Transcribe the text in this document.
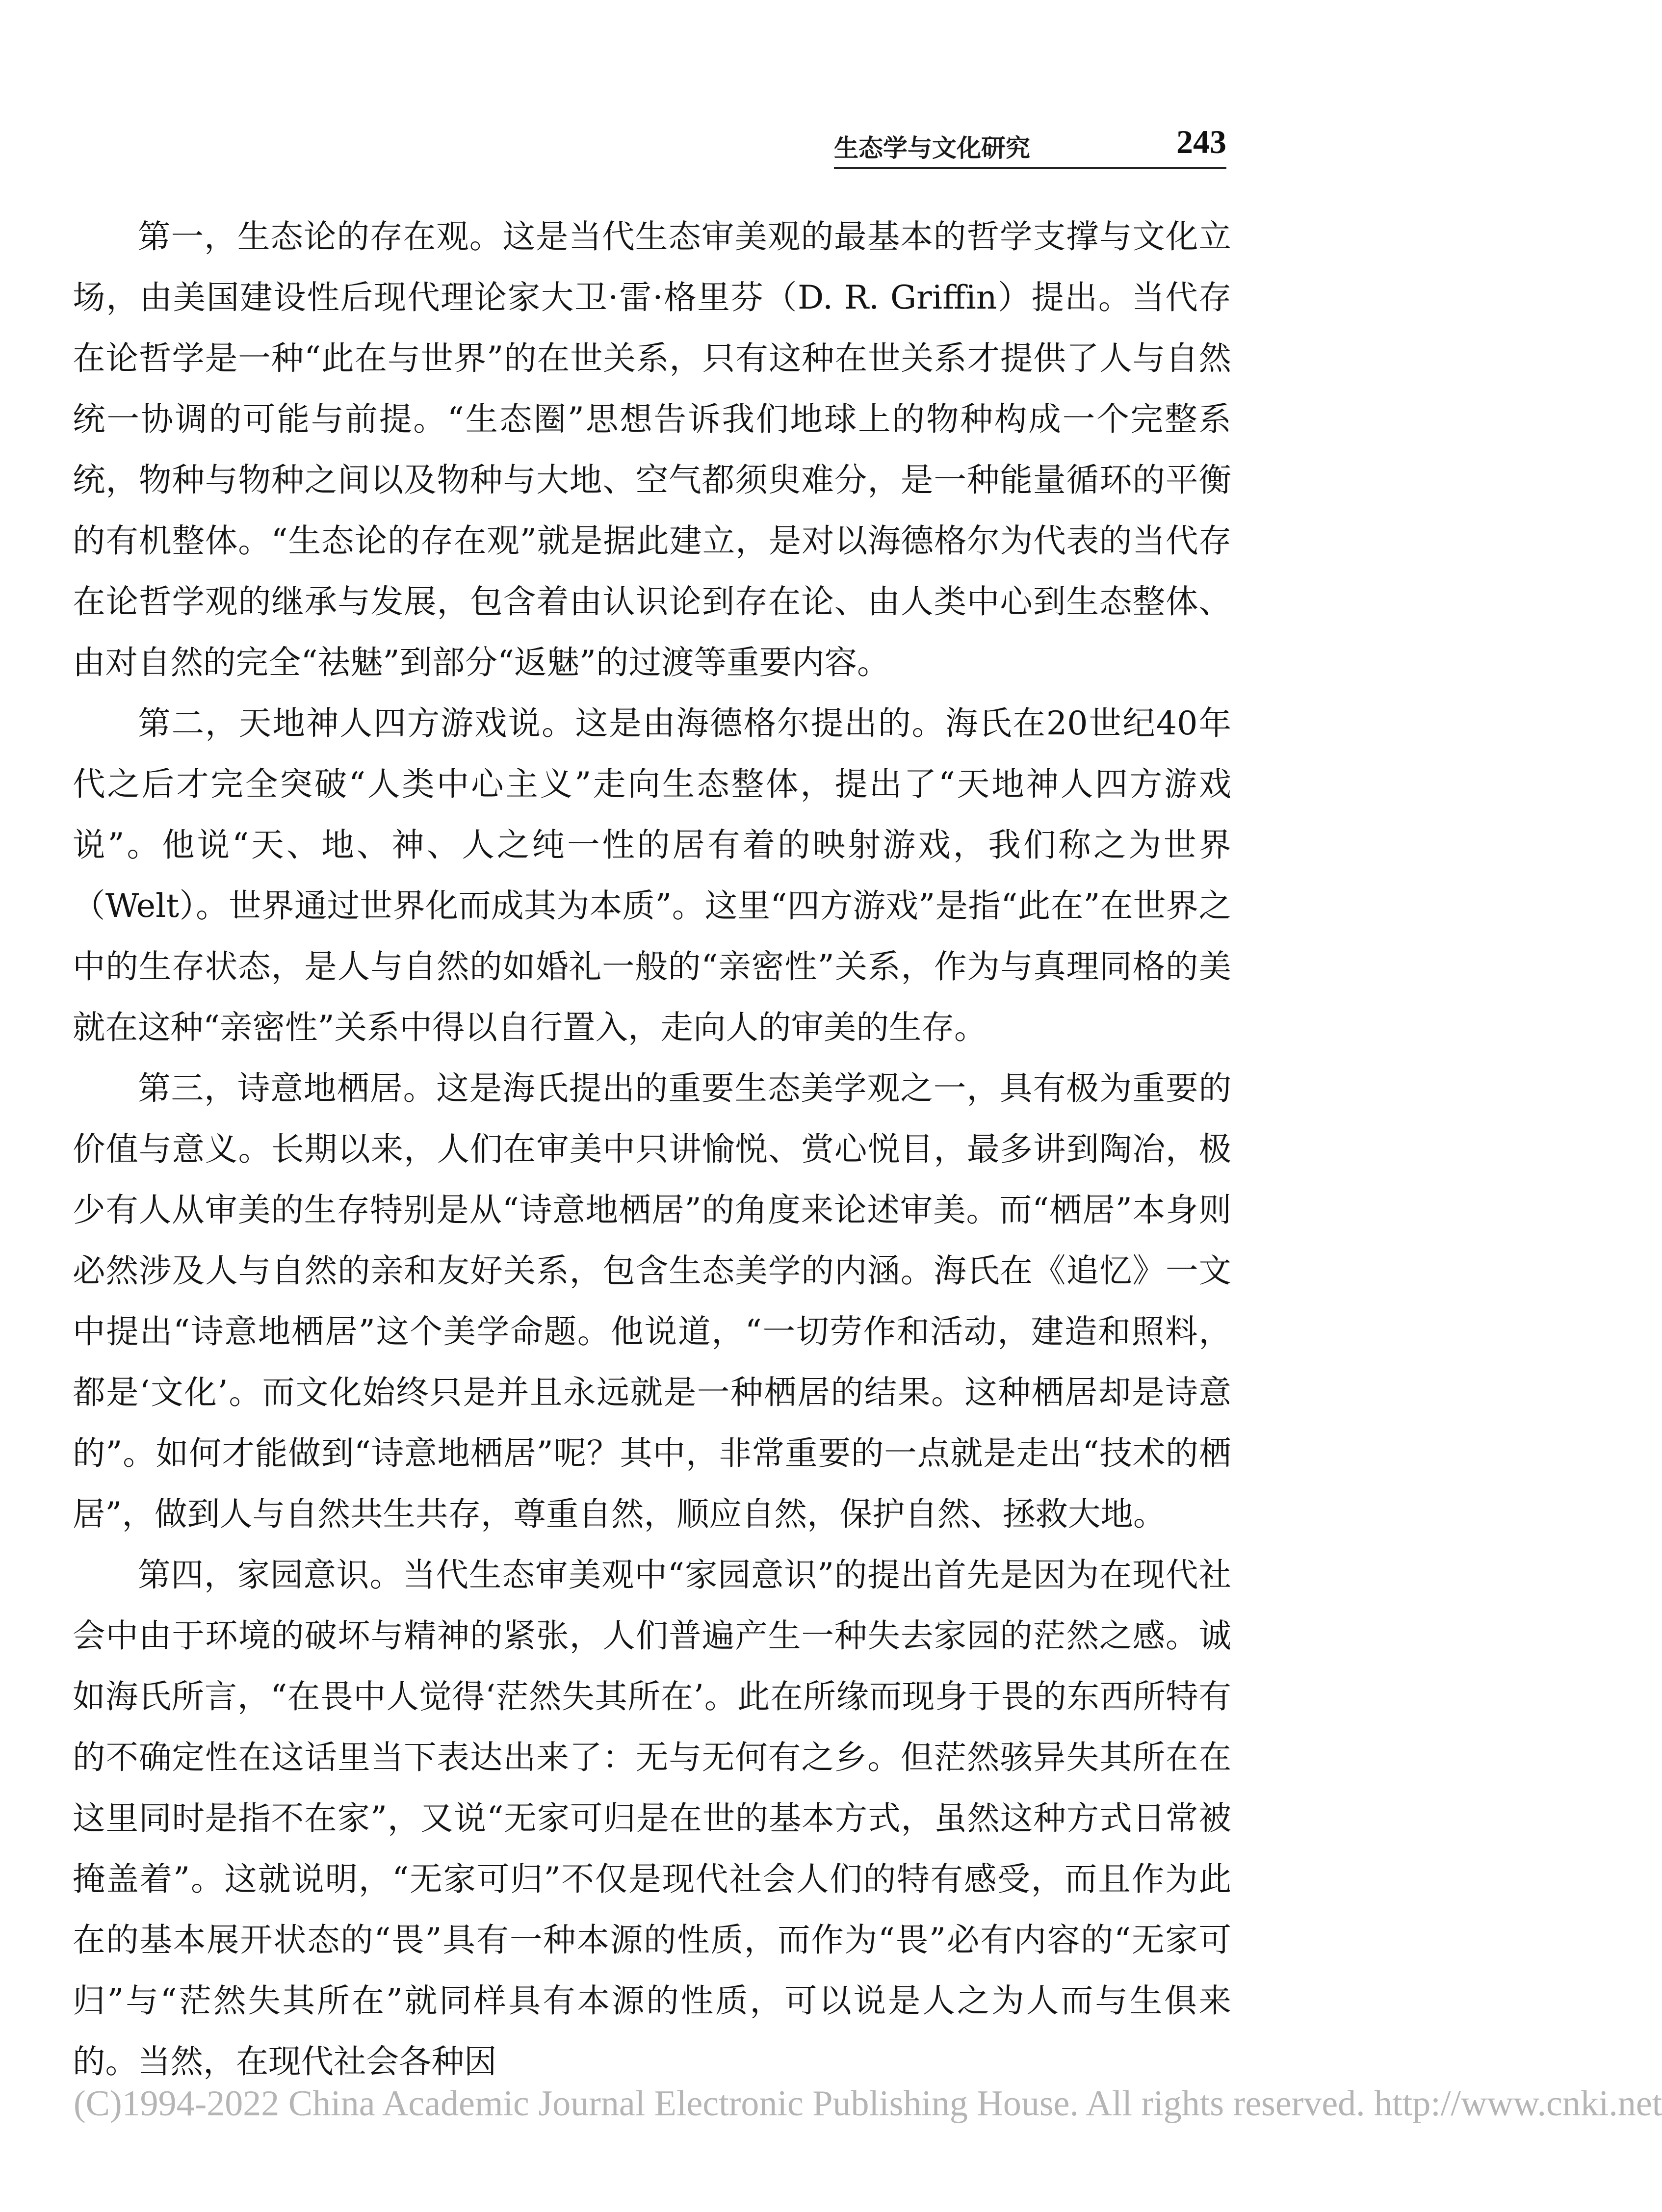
生态学与文化研究	243

第一，生态论的存在观。这是当代生态审美观的最基本的哲学支撑与文化立场，由美国建设性后现代理论家大卫·雷·格里芬（D. R. Griffin）提出。当代存在论哲学是一种“此在与世界”的在世关系，只有这种在世关系才提供了人与自然统一协调的可能与前提。“生态圈”思想告诉我们地球上的物种构成一个完整系统，物种与物种之间以及物种与大地、空气都须臾难分，是一种能量循环的平衡的有机整体。“生态论的存在观”就是据此建立，是对以海德格尔为代表的当代存在论哲学观的继承与发展，包含着由认识论到存在论、由人类中心到生态整体、由对自然的完全“祛魅”到部分“返魅”的过渡等重要内容。

第二，天地神人四方游戏说。这是由海德格尔提出的。海氏在20世纪40年代之后才完全突破“人类中心主义”走向生态整体，提出了“天地神人四方游戏说”。他说“天、地、神、人之纯一性的居有着的映射游戏，我们称之为世界（Welt）。世界通过世界化而成其为本质”。这里“四方游戏”是指“此在”在世界之中的生存状态，是人与自然的如婚礼一般的“亲密性”关系，作为与真理同格的美就在这种“亲密性”关系中得以自行置入，走向人的审美的生存。

第三，诗意地栖居。这是海氏提出的重要生态美学观之一，具有极为重要的价值与意义。长期以来，人们在审美中只讲愉悦、赏心悦目，最多讲到陶冶，极少有人从审美的生存特别是从“诗意地栖居”的角度来论述审美。而“栖居”本身则必然涉及人与自然的亲和友好关系，包含生态美学的内涵。海氏在《追忆》一文中提出“诗意地栖居”这个美学命题。他说道，“一切劳作和活动，建造和照料，都是‘文化’。而文化始终只是并且永远就是一种栖居的结果。这种栖居却是诗意的”。如何才能做到“诗意地栖居”呢？其中，非常重要的一点就是走出“技术的栖居”，做到人与自然共生共存，尊重自然，顺应自然，保护自然、拯救大地。

第四，家园意识。当代生态审美观中“家园意识”的提出首先是因为在现代社会中由于环境的破坏与精神的紧张，人们普遍产生一种失去家园的茫然之感。诚如海氏所言，“在畏中人觉得‘茫然失其所在’。此在所缘而现身于畏的东西所特有的不确定性在这话里当下表达出来了：无与无何有之乡。但茫然骇异失其所在在这里同时是指不在家”，又说“无家可归是在世的基本方式，虽然这种方式日常被掩盖着”。这就说明，“无家可归”不仅是现代社会人们的特有感受，而且作为此在的基本展开状态的“畏”具有一种本源的性质，而作为“畏”必有内容的“无家可归”与“茫然失其所在”就同样具有本源的性质，可以说是人之为人而与生俱来的。当然，在现代社会各种因

(C)1994-2022 China Academic Journal Electronic Publishing House. All rights reserved. http://www.cnki.net
